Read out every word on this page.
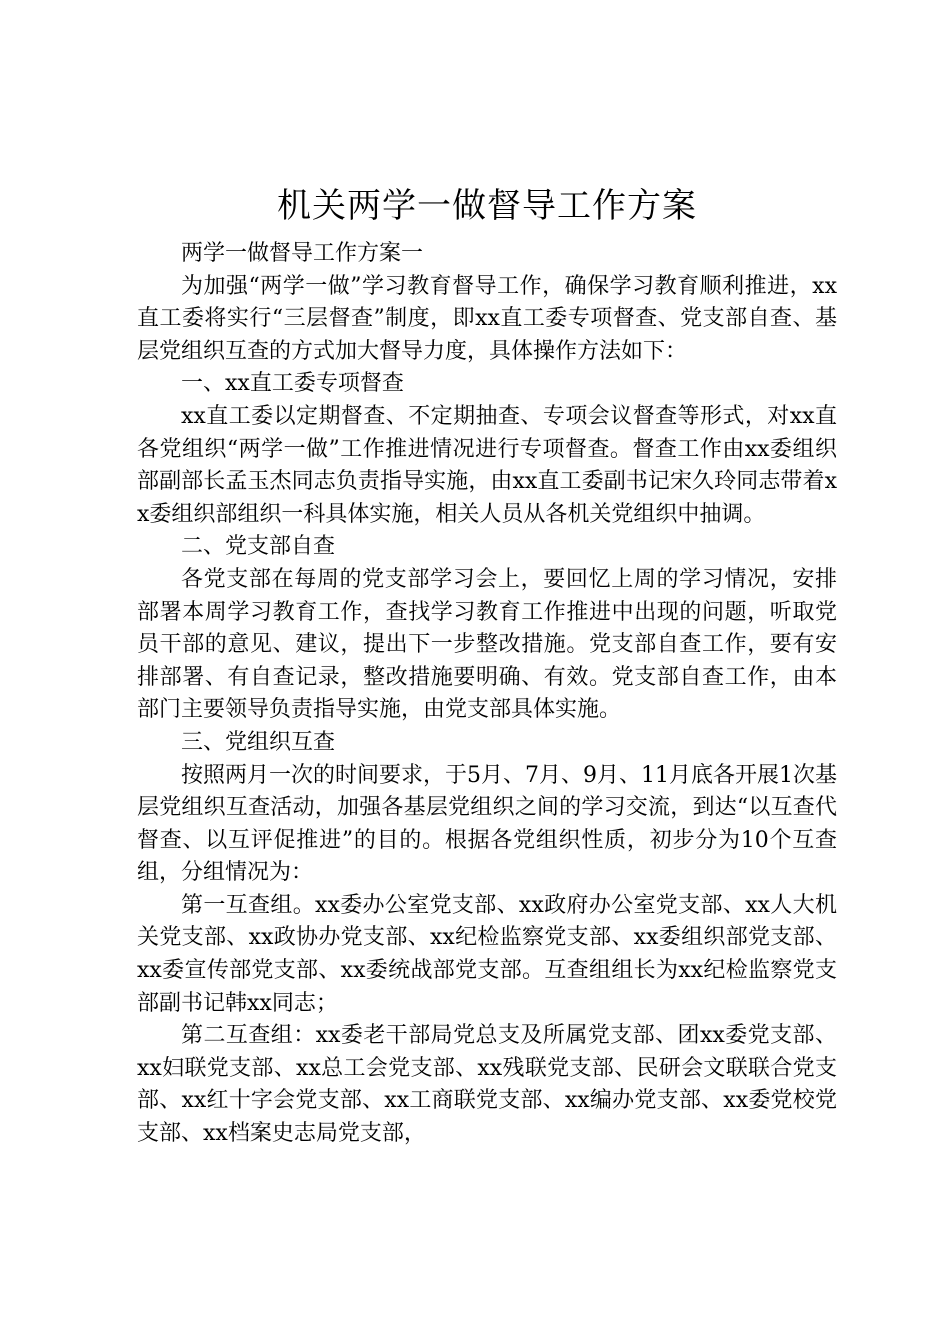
机关两学一做督导工作方案

两学一做督导工作方案一

为加强“两学一做”学习教育督导工作，确保学习教育顺利推进，xx直工委将实行“三层督查”制度，即xx直工委专项督查、党支部自查、基层党组织互查的方式加大督导力度，具体操作方法如下：

一、xx直工委专项督查

xx直工委以定期督查、不定期抽查、专项会议督查等形式，对xx直各党组织“两学一做”工作推进情况进行专项督查。督查工作由xx委组织部副部长孟玉杰同志负责指导实施，由xx直工委副书记宋久玲同志带着xx委组织部组织一科具体实施，相关人员从各机关党组织中抽调。

二、党支部自查

各党支部在每周的党支部学习会上，要回忆上周的学习情况，安排部署本周学习教育工作，查找学习教育工作推进中出现的问题，听取党员干部的意见、建议，提出下一步整改措施。党支部自查工作，要有安排部署、有自查记录，整改措施要明确、有效。党支部自查工作，由本部门主要领导负责指导实施，由党支部具体实施。

三、党组织互查

按照两月一次的时间要求，于5月、7月、9月、11月底各开展1次基层党组织互查活动，加强各基层党组织之间的学习交流，到达“以互查代督查、以互评促推进”的目的。根据各党组织性质，初步分为10个互查组，分组情况为：

第一互查组。xx委办公室党支部、xx政府办公室党支部、xx人大机关党支部、xx政协办党支部、xx纪检监察党支部、xx委组织部党支部、xx委宣传部党支部、xx委统战部党支部。互查组组长为xx纪检监察党支部副书记韩xx同志；

第二互查组：xx委老干部局党总支及所属党支部、团xx委党支部、xx妇联党支部、xx总工会党支部、xx残联党支部、民研会文联联合党支部、xx红十字会党支部、xx工商联党支部、xx编办党支部、xx委党校党支部、xx档案史志局党支部，
